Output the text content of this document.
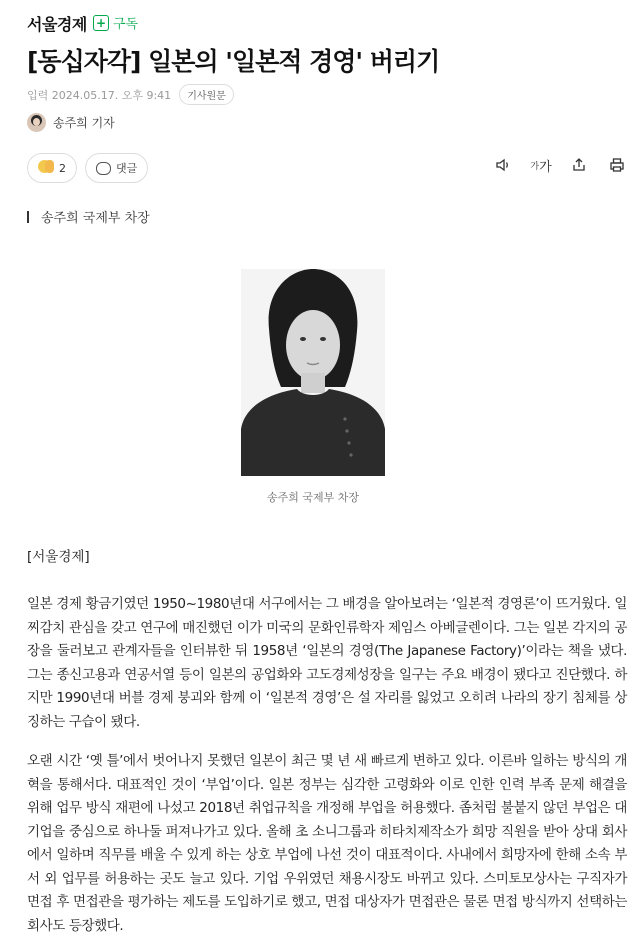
서울경제 + 구독
[동십자각] 일본의 '일본적 경영' 버리기
입력 2024.05.17. 오후 9:41	기사원문
송주희 기자
2	댓글	가 가
송주희 국제부 차장
송주희 국제부 차장
[서울경제]
일본 경제 황금기였던 1950~1980년대 서구에서는 그 배경을 알아보려는 ‘일본적 경영론’이 뜨거웠다. 일찌감치 관심을 갖고 연구에 매진했던 이가 미국의 문화인류학자 제임스 아베글렌이다. 그는 일본 각지의 공장을 둘러보고 관계자들을 인터뷰한 뒤 1958년 ‘일본의 경영(The Japanese Factory)’이라는 책을 냈다. 그는 종신고용과 연공서열 등이 일본의 공업화와 고도경제성장을 일구는 주요 배경이 됐다고 진단했다. 하지만 1990년대 버블 경제 붕괴와 함께 이 ‘일본적 경영’은 설 자리를 잃었고 오히려 나라의 장기 침체를 상징하는 구습이 됐다.
오랜 시간 ‘옛 틀’에서 벗어나지 못했던 일본이 최근 몇 년 새 빠르게 변하고 있다. 이른바 일하는 방식의 개혁을 통해서다. 대표적인 것이 ‘부업’이다. 일본 정부는 심각한 고령화와 이로 인한 인력 부족 문제 해결을 위해 업무 방식 재편에 나섰고 2018년 취업규칙을 개정해 부업을 허용했다. 좀처럼 불붙지 않던 부업은 대기업을 중심으로 하나둘 퍼져나가고 있다. 올해 초 소니그룹과 히타치제작소가 희망 직원을 받아 상대 회사에서 일하며 직무를 배울 수 있게 하는 상호 부업에 나선 것이 대표적이다. 사내에서 희망자에 한해 소속 부서 외 업무를 허용하는 곳도 늘고 있다. 기업 우위였던 채용시장도 바뀌고 있다. 스미토모상사는 구직자가 면접 후 면접관을 평가하는 제도를 도입하기로 했고, 면접 대상자가 면접관은 물론 면접 방식까지 선택하는 회사도 등장했다.
